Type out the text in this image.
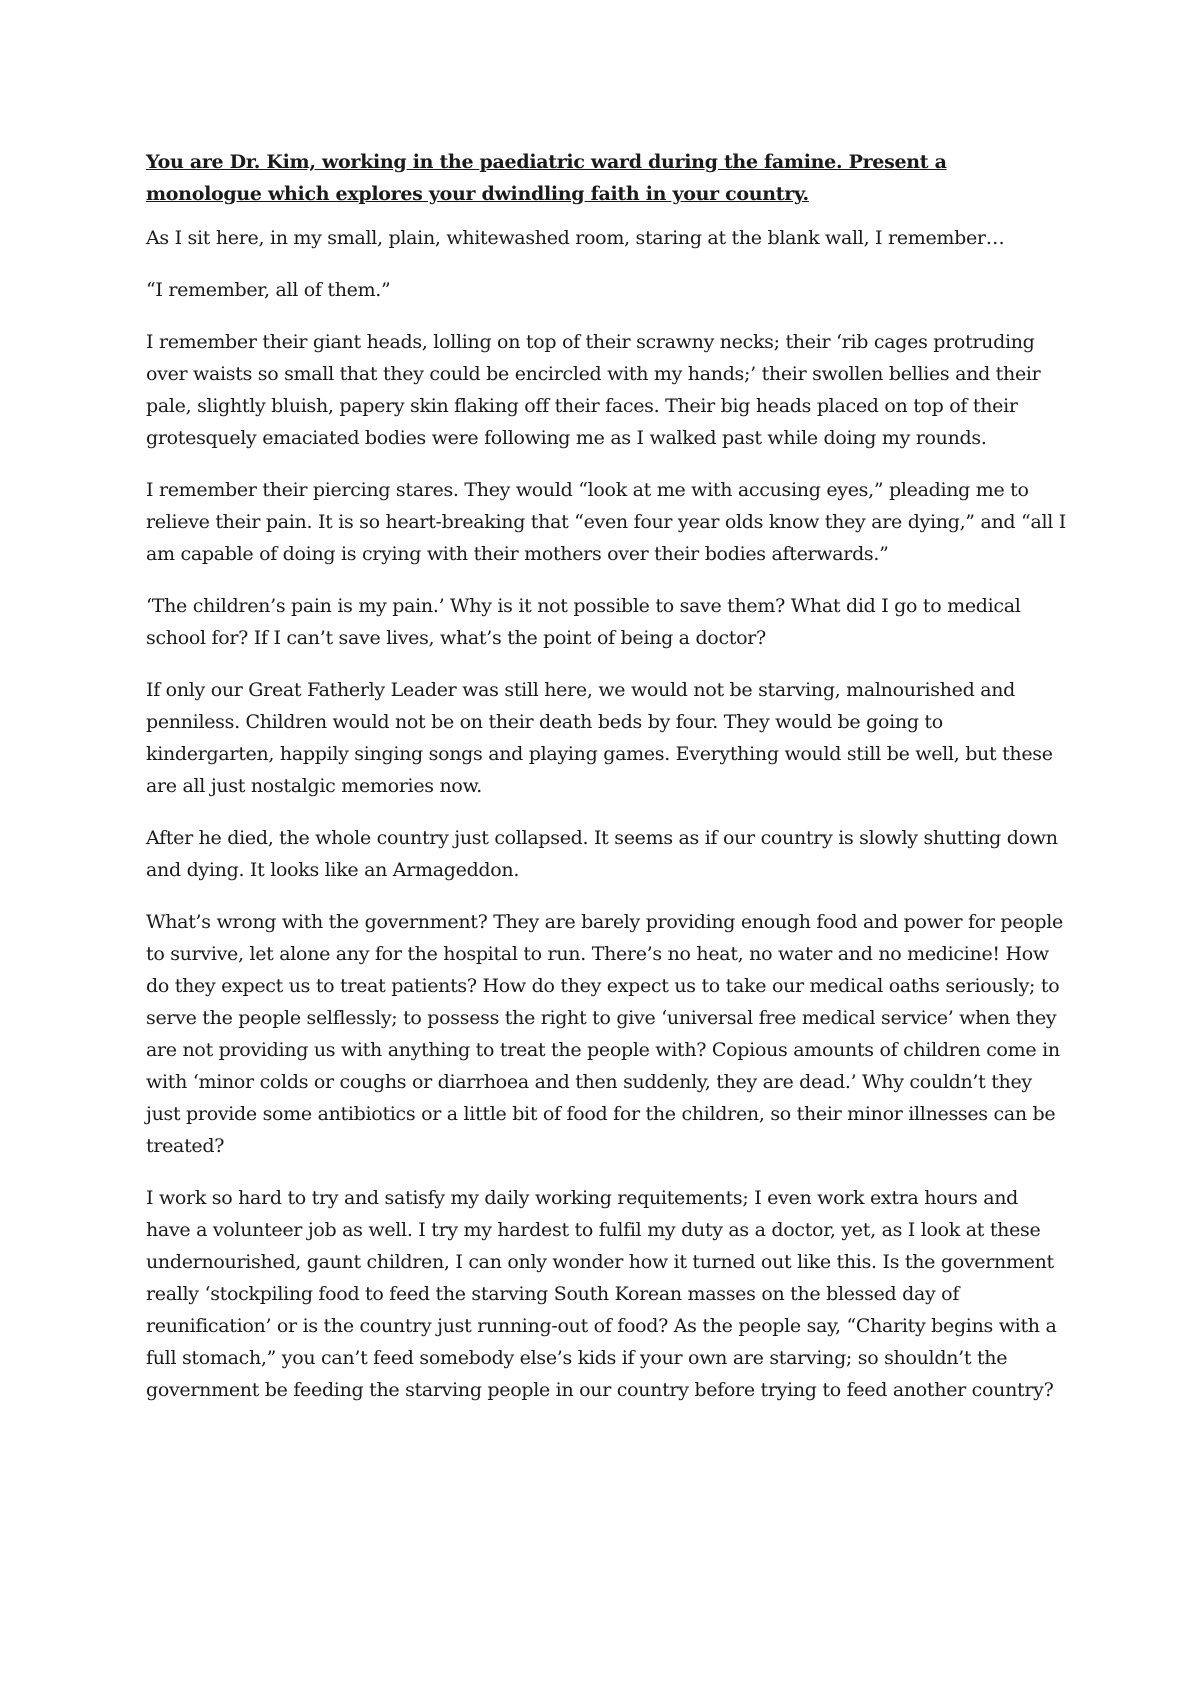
You are Dr. Kim, working in the paediatric ward during the famine. Present a monologue which explores your dwindling faith in your country.

As I sit here, in my small, plain, whitewashed room, staring at the blank wall, I remember…

“I remember, all of them.”

I remember their giant heads, lolling on top of their scrawny necks; their ‘rib cages protruding over waists so small that they could be encircled with my hands;’ their swollen bellies and their pale, slightly bluish, papery skin flaking off their faces. Their big heads placed on top of their grotesquely emaciated bodies were following me as I walked past while doing my rounds.

I remember their piercing stares. They would “look at me with accusing eyes,” pleading me to relieve their pain. It is so heart-breaking that “even four year olds know they are dying,” and “all I am capable of doing is crying with their mothers over their bodies afterwards.”

‘The children’s pain is my pain.’ Why is it not possible to save them? What did I go to medical school for? If I can’t save lives, what’s the point of being a doctor?

If only our Great Fatherly Leader was still here, we would not be starving, malnourished and penniless. Children would not be on their death beds by four. They would be going to kindergarten, happily singing songs and playing games. Everything would still be well, but these are all just nostalgic memories now.

After he died, the whole country just collapsed. It seems as if our country is slowly shutting down and dying. It looks like an Armageddon.

What’s wrong with the government? They are barely providing enough food and power for people to survive, let alone any for the hospital to run. There’s no heat, no water and no medicine! How do they expect us to treat patients? How do they expect us to take our medical oaths seriously; to serve the people selflessly; to possess the right to give ‘universal free medical service’ when they are not providing us with anything to treat the people with? Copious amounts of children come in with ‘minor colds or coughs or diarrhoea and then suddenly, they are dead.’ Why couldn’t they just provide some antibiotics or a little bit of food for the children, so their minor illnesses can be treated?

I work so hard to try and satisfy my daily working requitements; I even work extra hours and have a volunteer job as well. I try my hardest to fulfil my duty as a doctor, yet, as I look at these undernourished, gaunt children, I can only wonder how it turned out like this. Is the government really ‘stockpiling food to feed the starving South Korean masses on the blessed day of reunification’ or is the country just running-out of food? As the people say, “Charity begins with a full stomach,” you can’t feed somebody else’s kids if your own are starving; so shouldn’t the government be feeding the starving people in our country before trying to feed another country?
